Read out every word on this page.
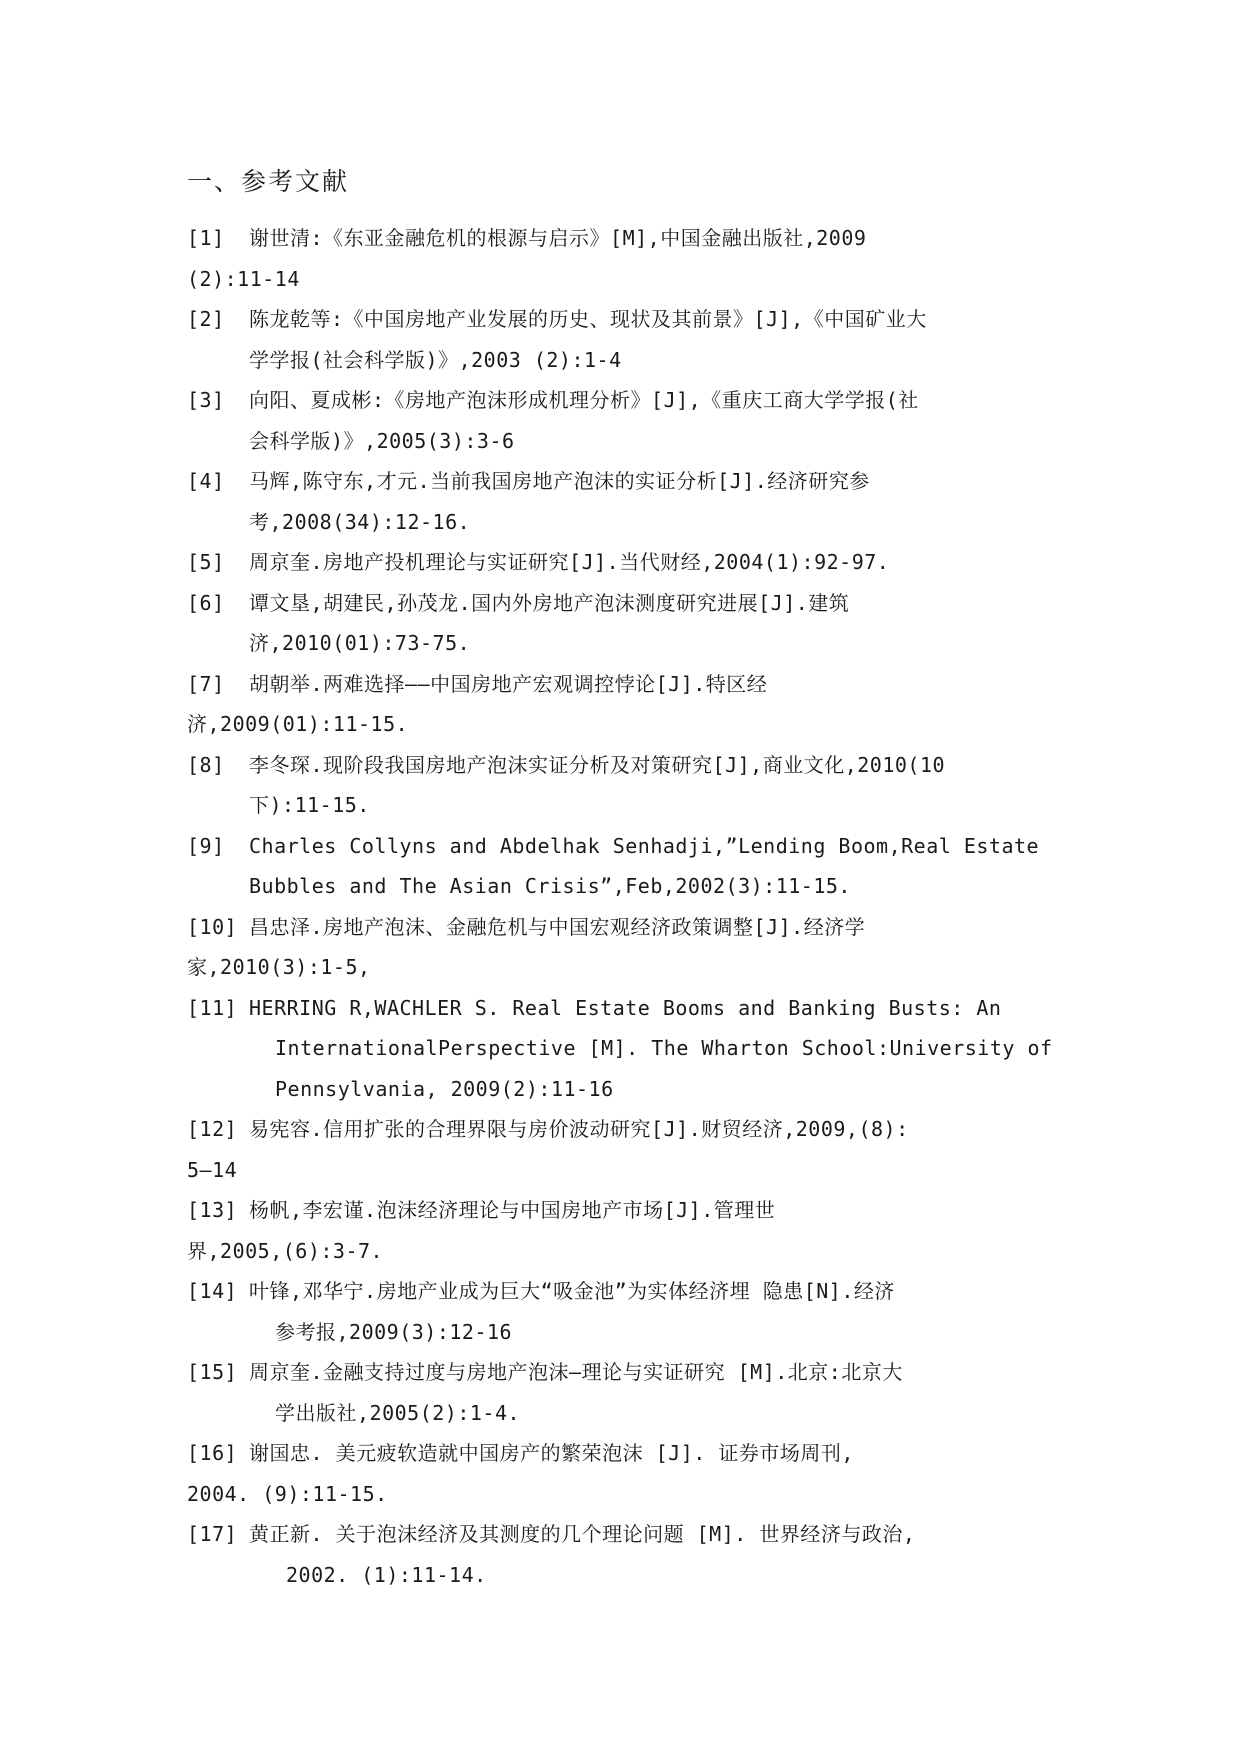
一、参考文献
[1] 谢世清:《东亚金融危机的根源与启示》[M],中国金融出版社,2009
(2):11-14
[2] 陈龙乾等:《中国房地产业发展的历史、现状及其前景》[J],《中国矿业大
学学报(社会科学版)》,2003 (2):1-4
[3] 向阳、夏成彬:《房地产泡沫形成机理分析》[J],《重庆工商大学学报(社
会科学版)》,2005(3):3-6
[4] 马辉,陈守东,才元.当前我国房地产泡沫的实证分析[J].经济研究参
考,2008(34):12-16.
[5] 周京奎.房地产投机理论与实证研究[J].当代财经,2004(1):92-97.
[6] 谭文垦,胡建民,孙茂龙.国内外房地产泡沫测度研究进展[J].建筑
济,2010(01):73-75.
[7] 胡朝举.两难选择——中国房地产宏观调控悖论[J].特区经
济,2009(01):11-15.
[8] 李冬琛.现阶段我国房地产泡沫实证分析及对策研究[J],商业文化,2010(10
下):11-15.
[9] Charles Collyns and Abdelhak Senhadji,”Lending Boom,Real Estate
Bubbles and The Asian Crisis”,Feb,2002(3):11-15.
[10] 昌忠泽.房地产泡沫、金融危机与中国宏观经济政策调整[J].经济学
家,2010(3):1-5,
[11] HERRING R,WACHLER S. Real Estate Booms and Banking Busts: An
InternationalPerspective [M]. The Wharton School:University of
Pennsylvania, 2009(2):11-16
[12] 易宪容.信用扩张的合理界限与房价波动研究[J].财贸经济,2009,(8):
5—14
[13] 杨帆,李宏谨.泡沫经济理论与中国房地产市场[J].管理世
界,2005,(6):3-7.
[14] 叶锋,邓华宁.房地产业成为巨大“吸金池”为实体经济埋 隐患[N].经济
参考报,2009(3):12-16
[15] 周京奎.金融支持过度与房地产泡沫—理论与实证研究 [M].北京:北京大
学出版社,2005(2):1-4.
[16] 谢国忠. 美元疲软造就中国房产的繁荣泡沫 [J]. 证券市场周刊,
2004. (9):11-15.
[17] 黄正新. 关于泡沫经济及其测度的几个理论问题 [M]. 世界经济与政治,
2002. (1):11-14.
